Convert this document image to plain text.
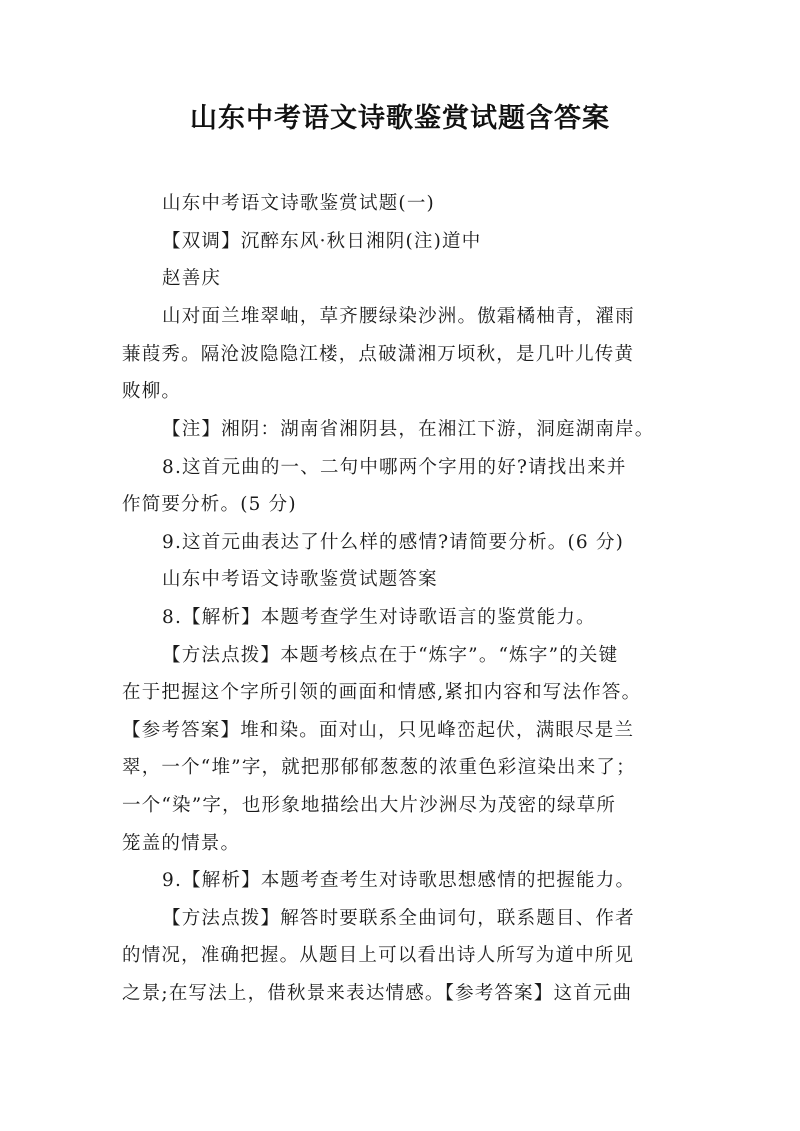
山东中考语文诗歌鉴赏试题含答案
山东中考语文诗歌鉴赏试题(一)
【双调】沉醉东风·秋日湘阴(注)道中
赵善庆
山对面兰堆翠岫，草齐腰绿染沙洲。傲霜橘柚青，濯雨
蒹葭秀。隔沧波隐隐江楼，点破潇湘万顷秋，是几叶儿传黄
败柳。
【注】湘阴：湖南省湘阴县，在湘江下游，洞庭湖南岸。
8.这首元曲的一、二句中哪两个字用的好?请找出来并
作简要分析。(5 分)
9.这首元曲表达了什么样的感情?请简要分析。(6 分)
山东中考语文诗歌鉴赏试题答案
8.【解析】本题考查学生对诗歌语言的鉴赏能力。
【方法点拨】本题考核点在于“炼字”。“炼字”的关键
在于把握这个字所引领的画面和情感,紧扣内容和写法作答。
【参考答案】堆和染。面对山，只见峰峦起伏，满眼尽是兰
翠，一个“堆”字，就把那郁郁葱葱的浓重色彩渲染出来了；
一个“染”字，也形象地描绘出大片沙洲尽为茂密的绿草所
笼盖的情景。
9.【解析】本题考查考生对诗歌思想感情的把握能力。
【方法点拨】解答时要联系全曲词句，联系题目、作者
的情况，准确把握。从题目上可以看出诗人所写为道中所见
之景;在写法上，借秋景来表达情感。【参考答案】这首元曲
